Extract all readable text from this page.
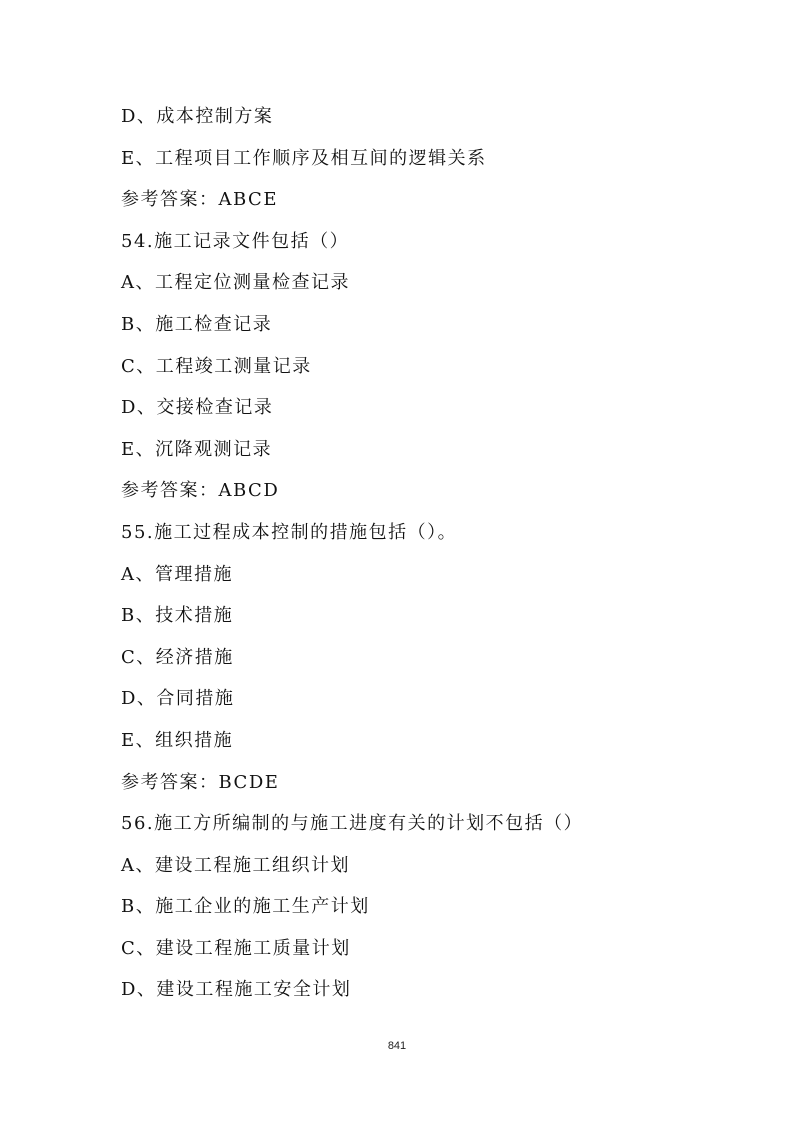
D、成本控制方案
E、工程项目工作顺序及相互间的逻辑关系
参考答案：ABCE
54.施工记录文件包括（）
A、工程定位测量检查记录
B、施工检查记录
C、工程竣工测量记录
D、交接检查记录
E、沉降观测记录
参考答案：ABCD
55.施工过程成本控制的措施包括（）。
A、管理措施
B、技术措施
C、经济措施
D、合同措施
E、组织措施
参考答案：BCDE
56.施工方所编制的与施工进度有关的计划不包括（）
A、建设工程施工组织计划
B、施工企业的施工生产计划
C、建设工程施工质量计划
D、建设工程施工安全计划
841
